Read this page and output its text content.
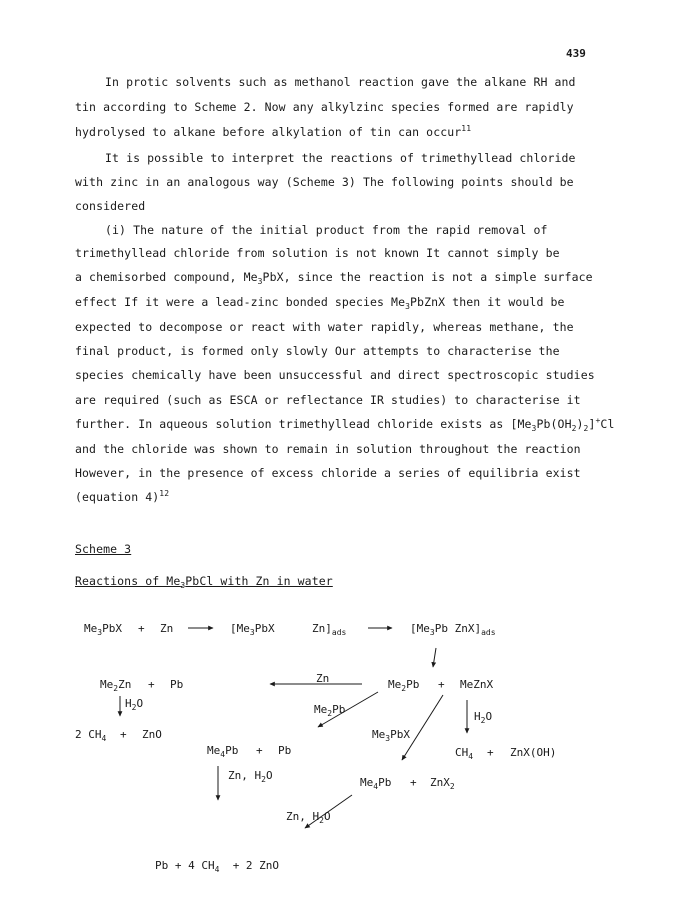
439
In protic solvents such as methanol reaction gave the alkane RH and
tin according to Scheme 2. Now any alkylzinc species formed are rapidly
hydrolysed to alkane before alkylation of tin can occur$^{11}$
It is possible to interpret the reactions of trimethyllead chloride
with zinc in an analogous way (Scheme 3) The following points should be
considered
(i) The nature of the initial product from the rapid removal of
trimethyllead chloride from solution is not known It cannot simply be
a chemisorbed compound, $Me_3PbX$, since the reaction is not a simple surface
effect If it were a lead-zinc bonded species $Me_3PbZnX$ then it would be
expected to decompose or react with water rapidly, whereas methane, the
final product, is formed only slowly Our attempts to characterise the
species chemically have been unsuccessful and direct spectroscopic studies
are required (such as ESCA or reflectance IR studies) to characterise it
further. In aqueous solution trimethyllead chloride exists as $[Me_3Pb(OH_2)_2]^+Cl$
and the chloride was shown to remain in solution throughout the reaction
However, in the presence of excess chloride a series of equilibria exist
(equation 4)$^{12}$
Scheme 3
Reactions of $Me_3PbCl$ with Zn in water
$Me_3PbX + Zn$	[$Me_3PbX$	$Zn]_{ads}$	[$Me_3Pb$ $ZnX]_{ads}$
$Me_2Zn + Pb$	Zn	$Me_2Pb$ + MeZnX
$H_2O$	$Me_2Pb$
$H_2O$
2 $CH_4$ + ZnO	$Me_3PbX$
$Me_4Pb + Pb$	$CH_4 + ZnX(OH)$
Zn, $H_2O$
$Me_4Pb + ZnX_2$
Zn, $H_2O$
Pb + 4 $CH_4 + 2$ ZnO
